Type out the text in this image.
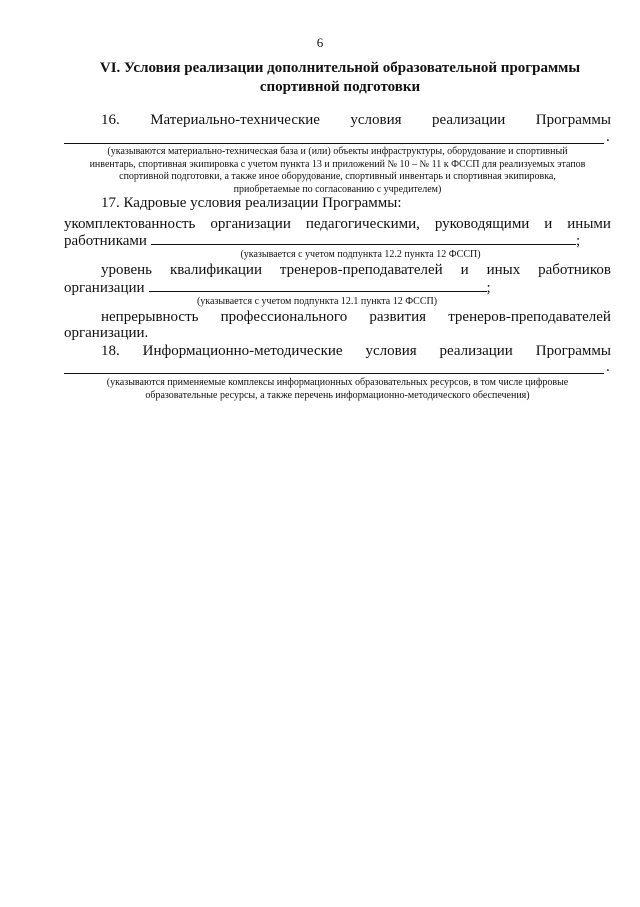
6
VI. Условия реализации дополнительной образовательной программы
спортивной подготовки
16. Материально-технические условия реализации Программы
.
(указываются материально-техническая база и (или) объекты инфраструктуры, оборудование и спортивный
инвентарь, спортивная экипировка с учетом пункта 13 и приложений № 10 – № 11 к ФССП для реализуемых этапов
спортивной подготовки, а также иное оборудование, спортивный инвентарь и спортивная экипировка,
приобретаемые по согласованию с учредителем)
17. Кадровые условия реализации Программы:
укомплектованность организации педагогическими, руководящими и иными
работниками	;
(указывается с учетом подпункта 12.2 пункта 12 ФССП)
уровень квалификации тренеров-преподавателей и иных работников
организации	;
(указывается с учетом подпункта 12.1 пункта 12 ФССП)
непрерывность профессионального развития тренеров-преподавателей
организации.
18. Информационно-методические условия реализации Программы
.
(указываются применяемые комплексы информационных образовательных ресурсов, в том числе цифровые
образовательные ресурсы, а также перечень информационно-методического обеспечения)
